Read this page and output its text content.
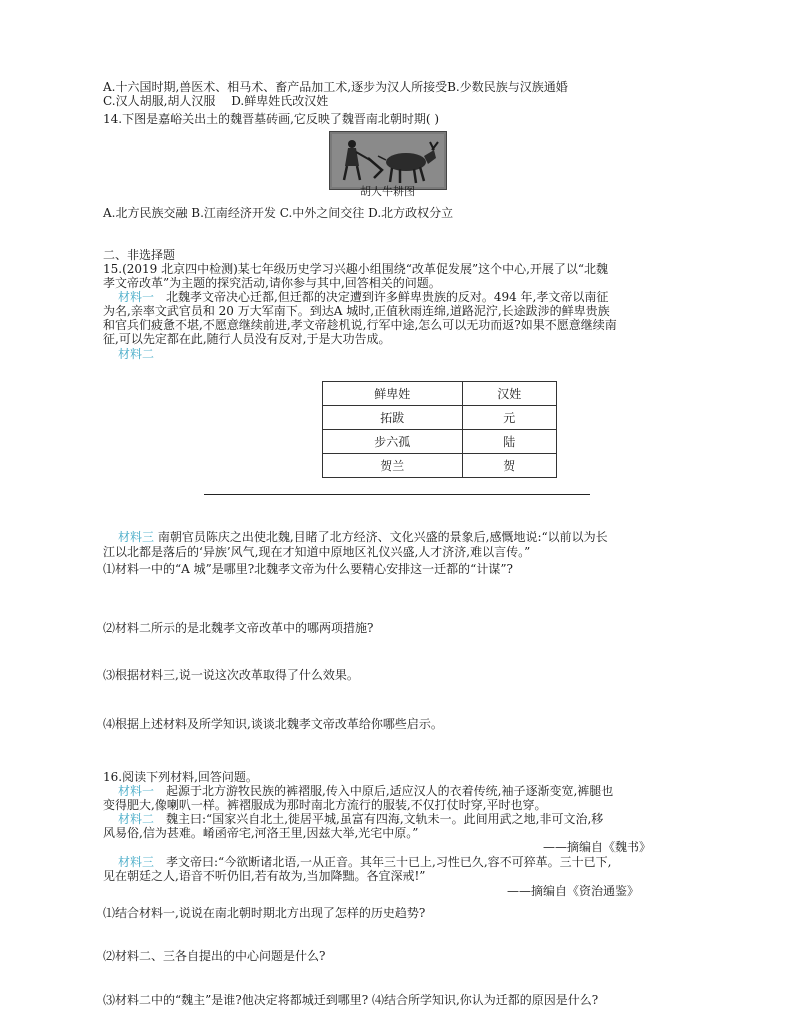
A.十六国时期,兽医术、相马术、畜产品加工术,逐步为汉人所接受B.少数民族与汉族通婚
C.汉人胡服,胡人汉服　 D.鲜卑姓氏改汉姓
14.下图是嘉峪关出土的魏晋墓砖画,它反映了魏晋南北朝时期( )
胡人牛耕图
A.北方民族交融 B.江南经济开发 C.中外之间交往 D.北方政权分立
二、非选择题
15.(2019 北京四中检测)某七年级历史学习兴趣小组围绕“改革促发展”这个中心,开展了以“北魏
孝文帝改革”为主题的探究活动,请你参与其中,回答相关的问题。
材料一　北魏孝文帝决心迁都,但迁都的决定遭到许多鲜卑贵族的反对。494 年,孝文帝以南征
为名,亲率文武官员和 20 万大军南下。到达A 城时,正值秋雨连绵,道路泥泞,长途跋涉的鲜卑贵族
和官兵们疲惫不堪,不愿意继续前进,孝文帝趁机说,行军中途,怎么可以无功而返?如果不愿意继续南
征,可以先定都在此,随行人员没有反对,于是大功告成。
材料二
鲜卑姓	汉姓
拓跋	元
步六孤	陆
贺兰	贺
材料三 南朝官员陈庆之出使北魏,目睹了北方经济、文化兴盛的景象后,感慨地说:“以前以为长
江以北都是落后的‘异族’风气,现在才知道中原地区礼仪兴盛,人才济济,难以言传。”
⑴材料一中的“A 城”是哪里?北魏孝文帝为什么要精心安排这一迁都的“计谋”?
⑵材料二所示的是北魏孝文帝改革中的哪两项措施?
⑶根据材料三,说一说这次改革取得了什么效果。
⑷根据上述材料及所学知识,谈谈北魏孝文帝改革给你哪些启示。
16.阅读下列材料,回答问题。
材料一　起源于北方游牧民族的裤褶服,传入中原后,适应汉人的衣着传统,袖子逐渐变宽,裤腿也
变得肥大,像喇叭一样。裤褶服成为那时南北方流行的服装,不仅打仗时穿,平时也穿。
材料二　魏主曰:“国家兴自北土,徙居平城,虽富有四海,文轨未一。此间用武之地,非可文治,移
风易俗,信为甚难。崤函帝宅,河洛王里,因兹大举,光宅中原。”
——摘编自《魏书》
材料三　孝文帝曰:“今欲断诸北语,一从正音。其年三十已上,习性已久,容不可猝革。三十已下,
见在朝廷之人,语音不听仍旧,若有故为,当加降黜。各宜深戒!”
——摘编自《资治通鉴》
⑴结合材料一,说说在南北朝时期北方出现了怎样的历史趋势?
⑵材料二、三各自提出的中心问题是什么?
⑶材料二中的“魏主”是谁?他决定将都城迁到哪里? ⑷结合所学知识,你认为迁都的原因是什么?
